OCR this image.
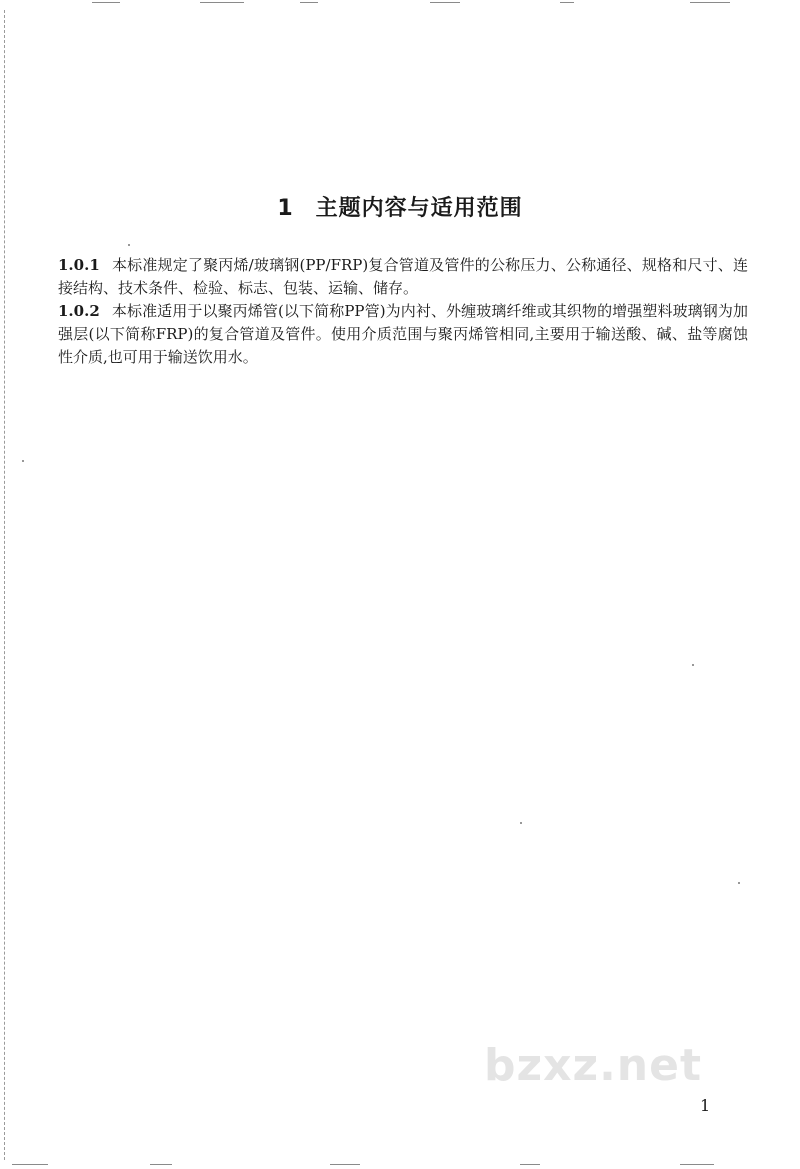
1 主题内容与适用范围

1.0.1 本标准规定了聚丙烯/玻璃钢(PP/FRP)复合管道及管件的公称压力、公称通径、规格和尺寸、连接结构、技术条件、检验、标志、包装、运输、储存。

1.0.2 本标准适用于以聚丙烯管(以下简称PP管)为内衬、外缠玻璃纤维或其织物的增强塑料玻璃钢为加强层(以下简称FRP)的复合管道及管件。使用介质范围与聚丙烯管相同,主要用于输送酸、碱、盐等腐蚀性介质,也可用于输送饮用水。

bzxz.net
1
